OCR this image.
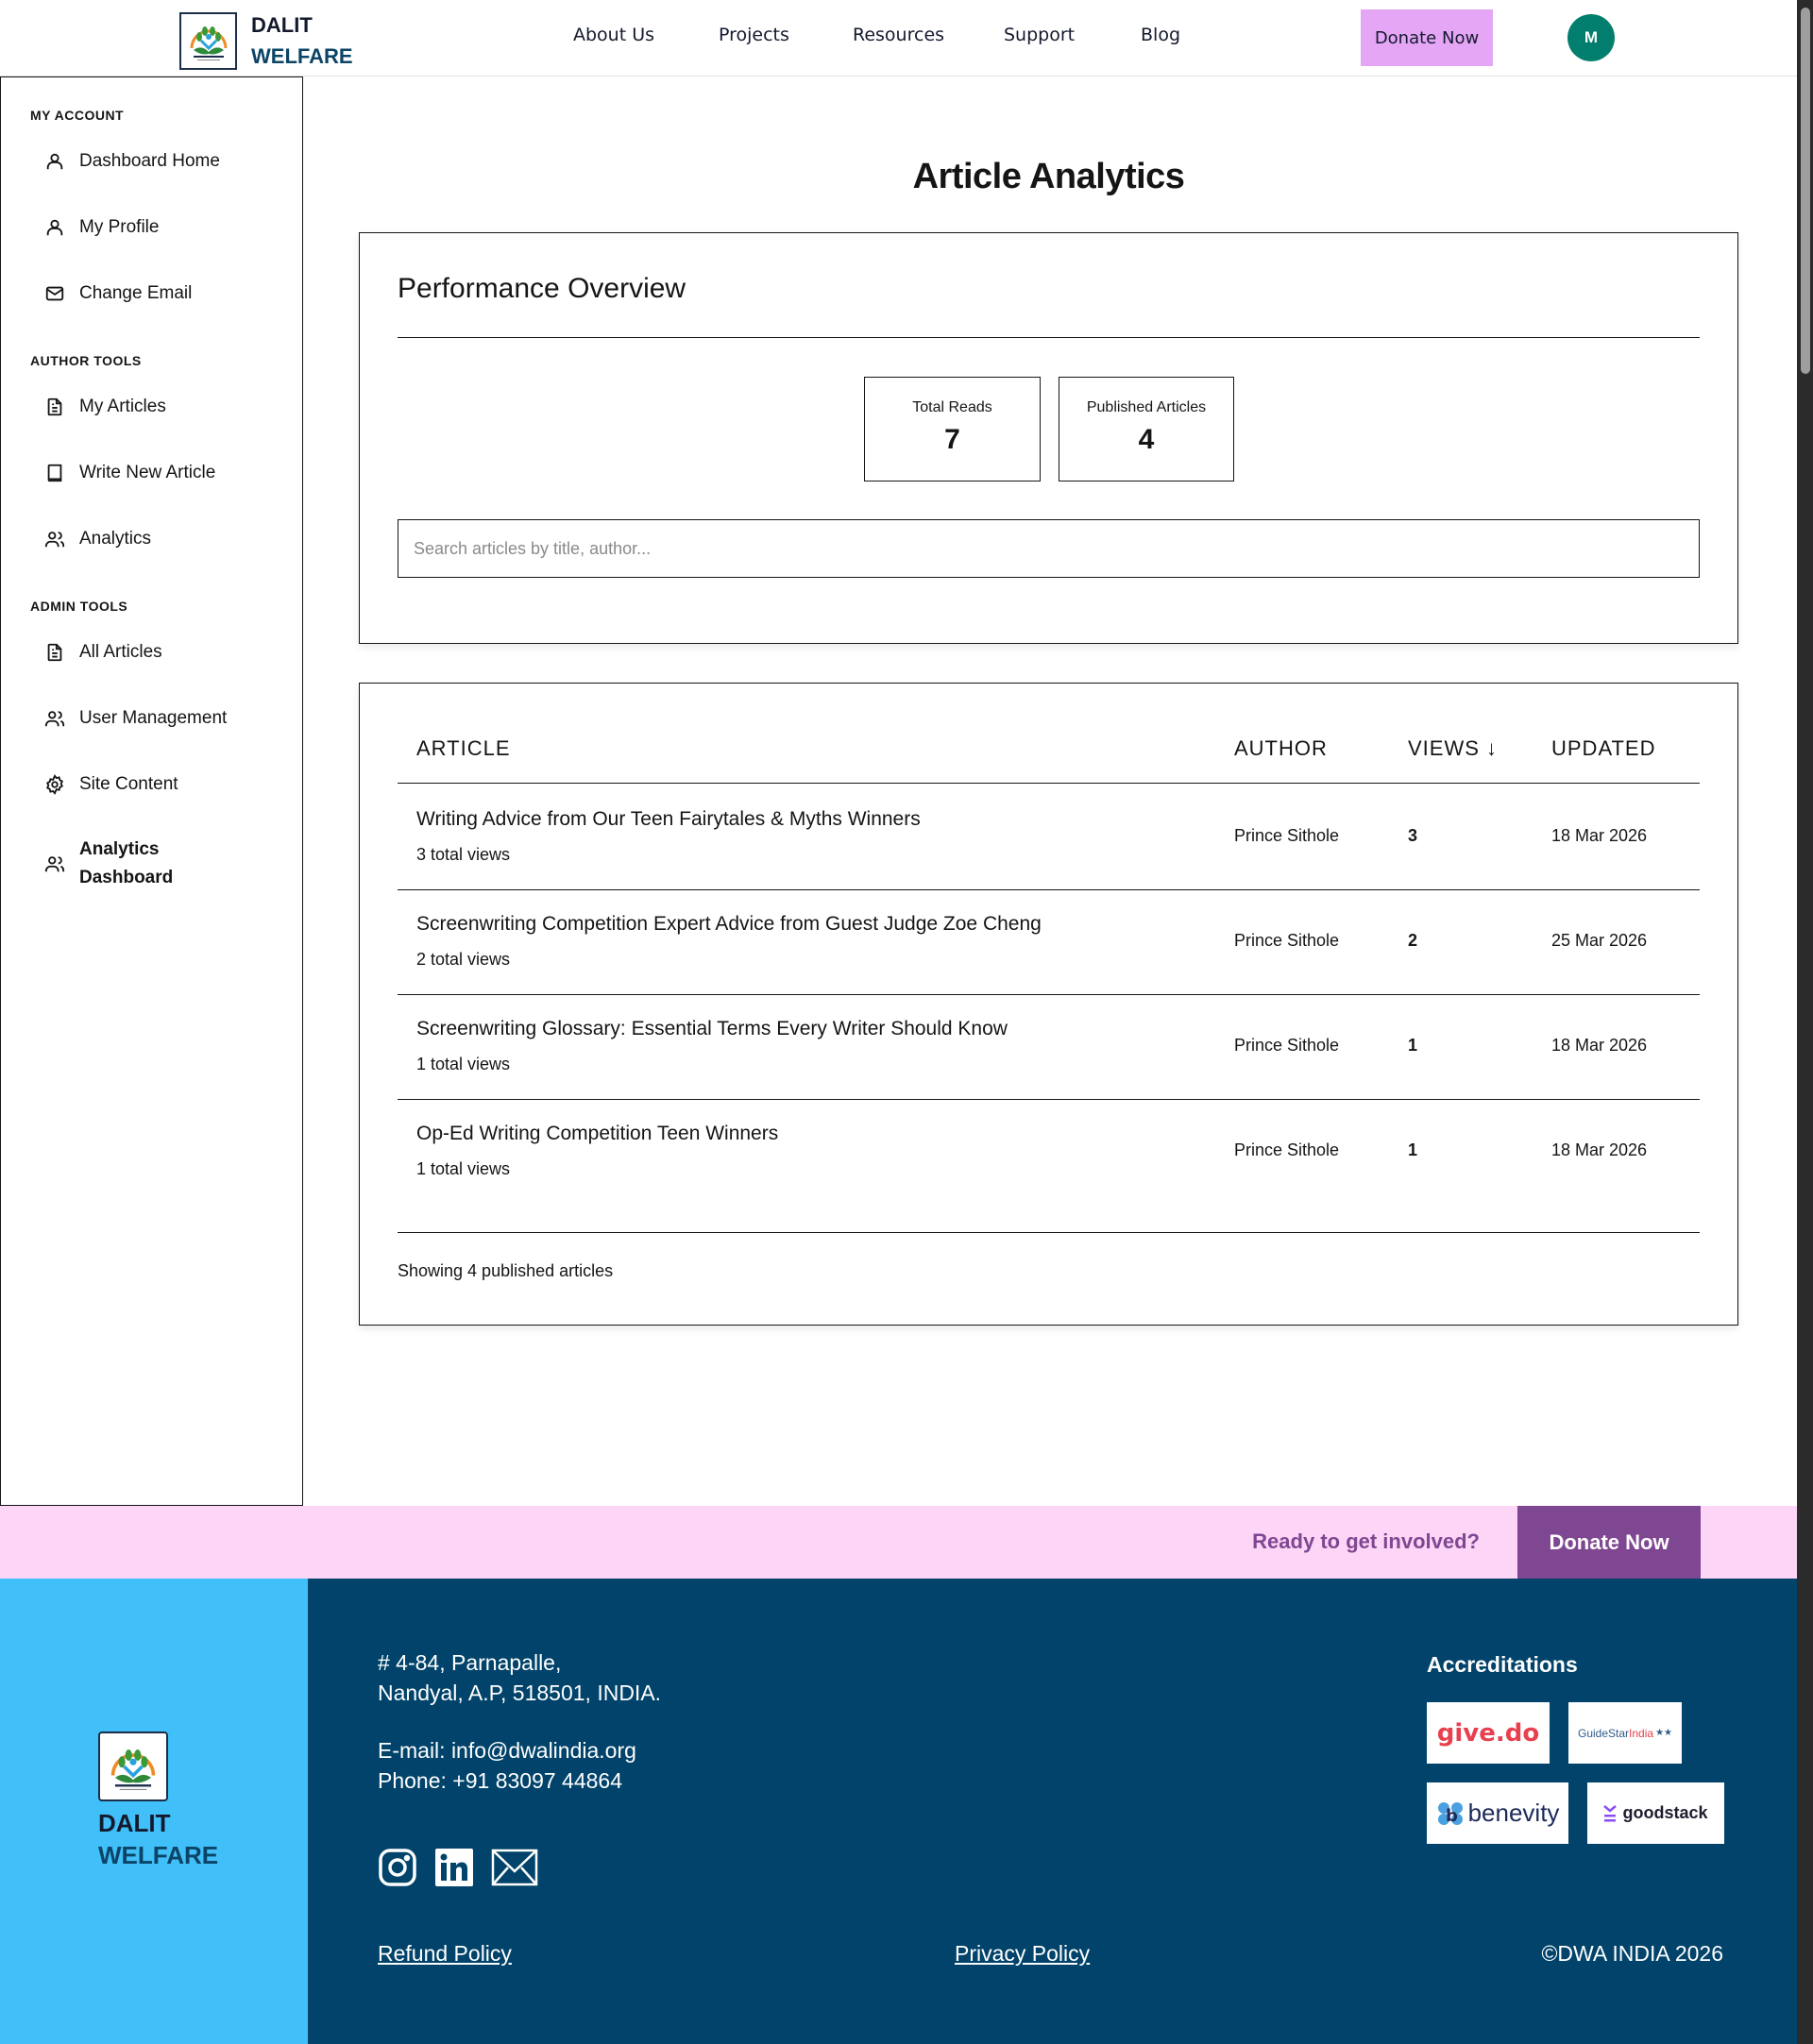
DALIT
WELFARE
About Us	Projects	Resources	Support	Blog	Donate Now	M
MY ACCOUNT
Dashboard Home
My Profile
Change Email
AUTHOR TOOLS
My Articles
Write New Article
Analytics
ADMIN TOOLS
All Articles
User Management
Site Content
Analytics
Dashboard
Article Analytics
Performance Overview
Total Reads
7
Published Articles
4
Search articles by title, author...
ARTICLE	AUTHOR	VIEWS ↓	UPDATED
Writing Advice from Our Teen Fairytales & Myths Winners
3 total views
Prince Sithole	3	18 Mar 2026
Screenwriting Competition Expert Advice from Guest Judge Zoe Cheng
2 total views
Prince Sithole	2	25 Mar 2026
Screenwriting Glossary: Essential Terms Every Writer Should Know
1 total views
Prince Sithole	1	18 Mar 2026
Op-Ed Writing Competition Teen Winners
1 total views
Prince Sithole	1	18 Mar 2026
Showing 4 published articles
Ready to get involved?	Donate Now
DALIT
WELFARE
# 4-84, Parnapalle,
Nandyal, A.P, 518501, INDIA.
E-mail: info@dwalindia.org
Phone: +91 83097 44864
Accreditations
give.do	GuideStar India ★★
b benevity	goodstack
Refund Policy	Privacy Policy	©DWA INDIA 2026
